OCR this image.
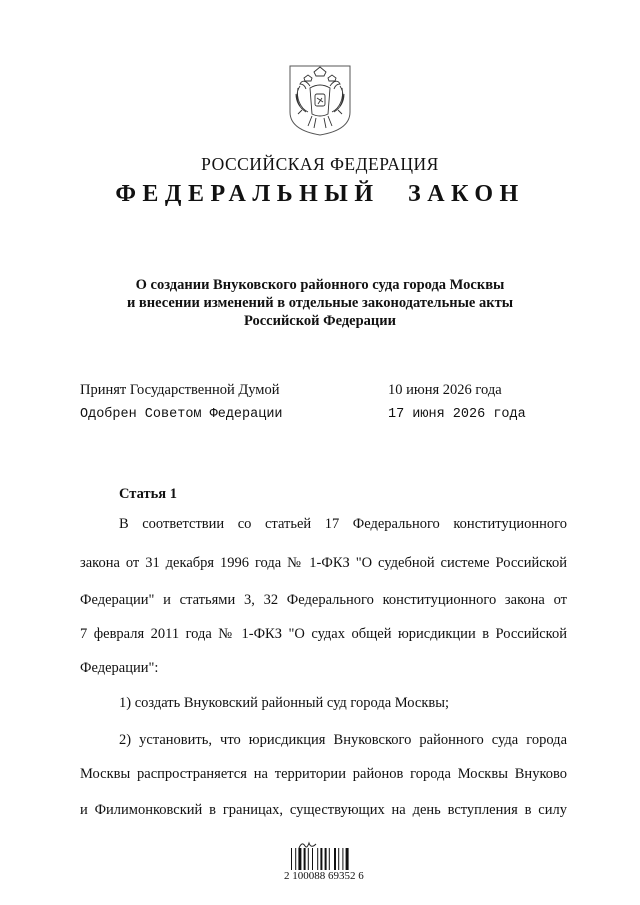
РОССИЙСКАЯ ФЕДЕРАЦИЯ
ФЕДЕРАЛЬНЫЙ ЗАКОН
О создании Внуковского районного суда города Москвы
и внесении изменений в отдельные законодательные акты
Российской Федерации
Принят Государственной Думой	10 июня 2026 года
Одобрен Советом Федерации	17 июня 2026 года
Статья 1
В соответствии со статьей 17 Федерального конституционного
закона от 31 декабря 1996 года № 1-ФКЗ "О судебной системе Российской
Федерации" и статьями 3, 32 Федерального конституционного закона от
7 февраля 2011 года № 1-ФКЗ "О судах общей юрисдикции в Российской
Федерации":
1) создать Внуковский районный суд города Москвы;
2) установить, что юрисдикция Внуковского районного суда города
Москвы распространяется на территории районов города Москвы Внуково
и Филимонковский в границах, существующих на день вступления в силу
2 100088 69352 6
